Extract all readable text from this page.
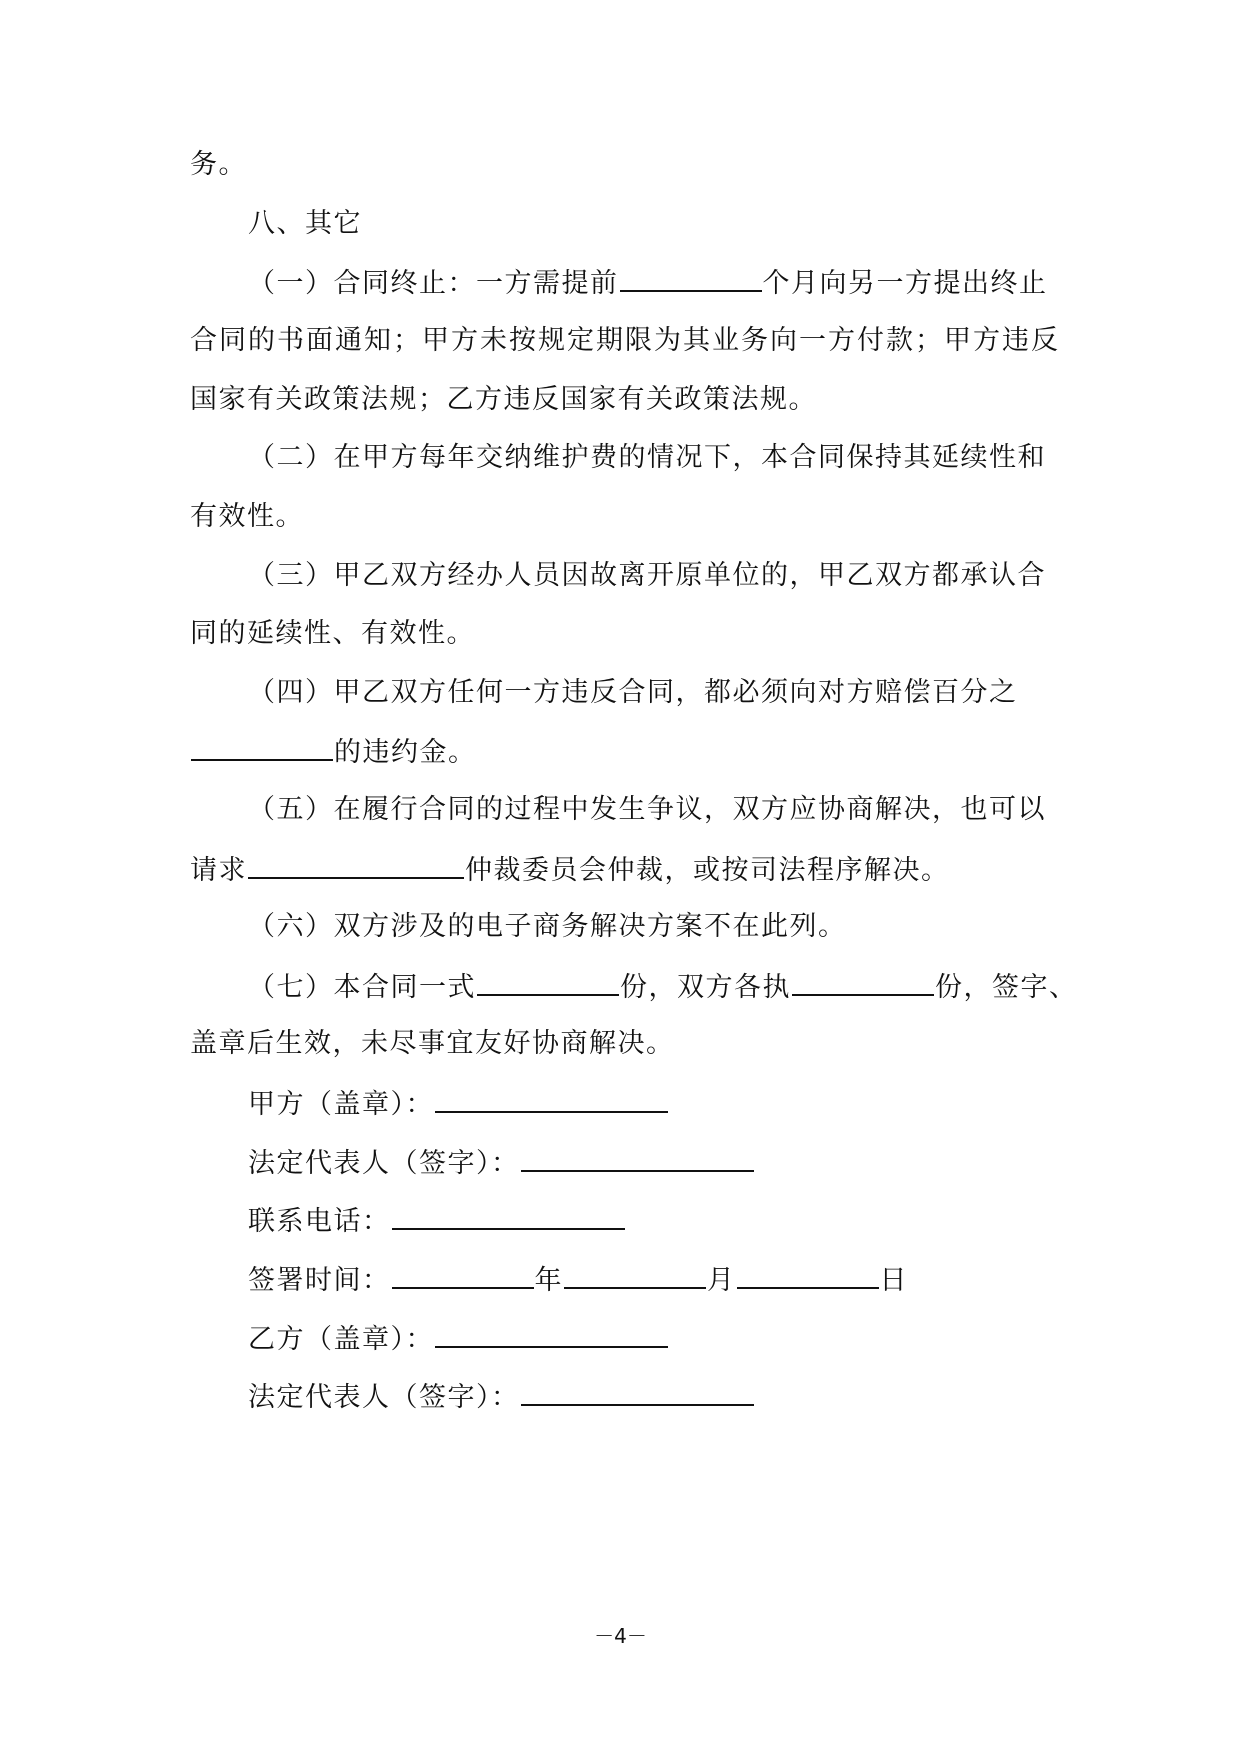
务。
八、其它
（一）合同终止：一方需提前	个月向另一方提出终止
合同的书面通知；甲方未按规定期限为其业务向一方付款；甲方违反
国家有关政策法规；乙方违反国家有关政策法规。
（二）在甲方每年交纳维护费的情况下，本合同保持其延续性和
有效性。
（三）甲乙双方经办人员因故离开原单位的，甲乙双方都承认合
同的延续性、有效性。
（四）甲乙双方任何一方违反合同，都必须向对方赔偿百分之
的违约金。
（五）在履行合同的过程中发生争议，双方应协商解决，也可以
请求	仲裁委员会仲裁，或按司法程序解决。
（六）双方涉及的电子商务解决方案不在此列。
（七）本合同一式	份，双方各执	份，签字、
盖章后生效，未尽事宜友好协商解决。
甲方（盖章）：
法定代表人（签字）：
联系电话：
签署时间：	年	月	日
乙方（盖章）：
法定代表人（签字）：
－4－
